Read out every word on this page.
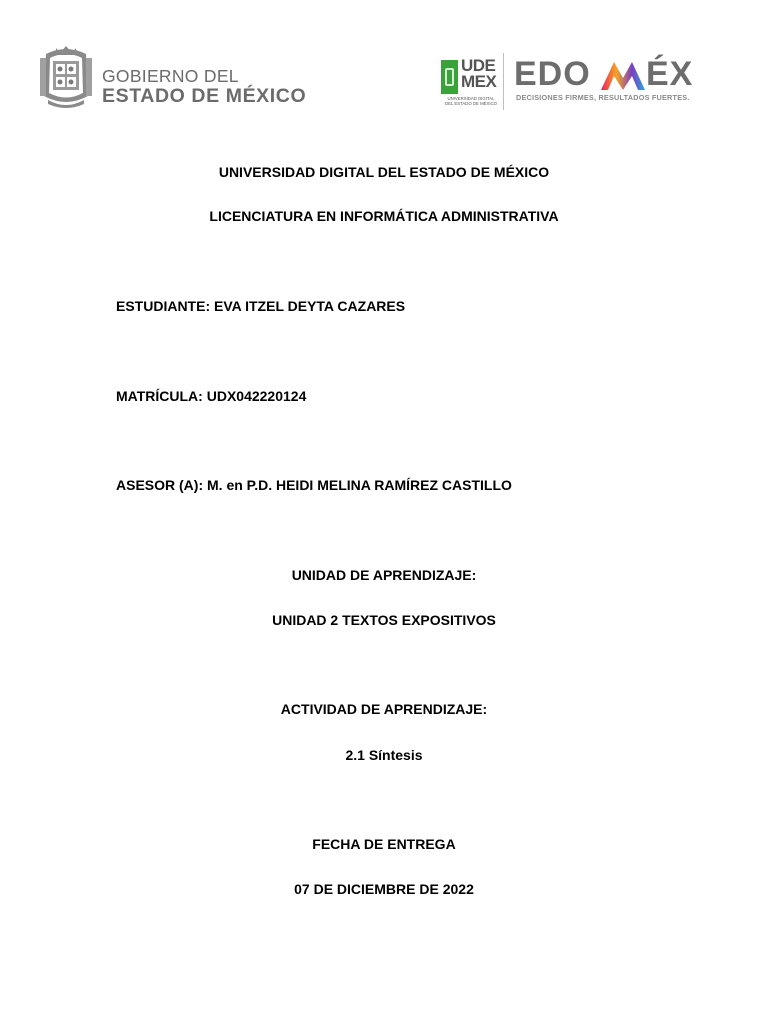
GOBIERNO DEL
ESTADO DE MÉXICO
UDE
MEX
UNIVERSIDAD DIGITAL
DEL ESTADO DE MÉXICO
EDO ÉX
DECISIONES FIRMES, RESULTADOS FUERTES.
UNIVERSIDAD DIGITAL DEL ESTADO DE MÉXICO
LICENCIATURA EN INFORMÁTICA ADMINISTRATIVA
ESTUDIANTE: EVA ITZEL DEYTA CAZARES
MATRÍCULA: UDX042220124
ASESOR (A): M. en P.D. HEIDI MELINA RAMÍREZ CASTILLO
UNIDAD DE APRENDIZAJE:
UNIDAD 2 TEXTOS EXPOSITIVOS
ACTIVIDAD DE APRENDIZAJE:
2.1 Síntesis
FECHA DE ENTREGA
07 DE DICIEMBRE DE 2022
